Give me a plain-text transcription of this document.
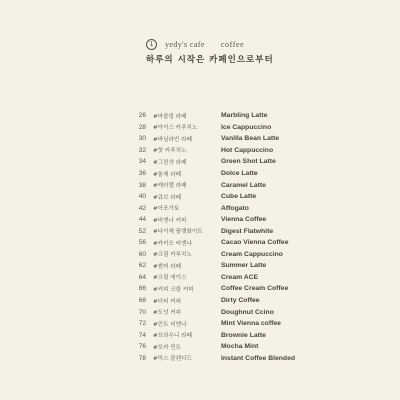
1	yedy's cafe coffee
하루의 시작은 카페인으로부터
26 #마블링 라떼	Marbling Latte
28 #아이스 카푸치노	Ice Cappuccino
30 #바닐라빈 라떼	Vanilla Bean Latte
32 #핫 카푸치노	Hot Cappuccino
34 #그린샷 라떼	Green Shot Latte
36 #돌체 라떼	Dolce Latte
38 #캐러멜 라떼	Caramel Latte
40 #큐브 라떼	Cube Latte
42 #아포가토	Affogato
44 #비엔나 커피	Vienna Coffee
52 #다이제 플랫화이트	Digest Flatwhite
56 #카카오 비엔나	Cacao Vienna Coffee
60 #크림 카푸치노	Cream Cappuccino
62 #썸머 라떼	Summer Latte
64 #크림 에이스	Cream ACE
66 #커피 크림 커피	Coffee Cream Coffee
68 #더티 커피	Dirty Coffee
70 #도넛 커피	Doughnut Ccino
72 #민트 비엔나	Mint Vienna coffee
74 #브라우니 라떼	Brownie Latte
76 #모카 민트	Mocha Mint
78 #믹스 블렌디드	Instant Coffee Blended
